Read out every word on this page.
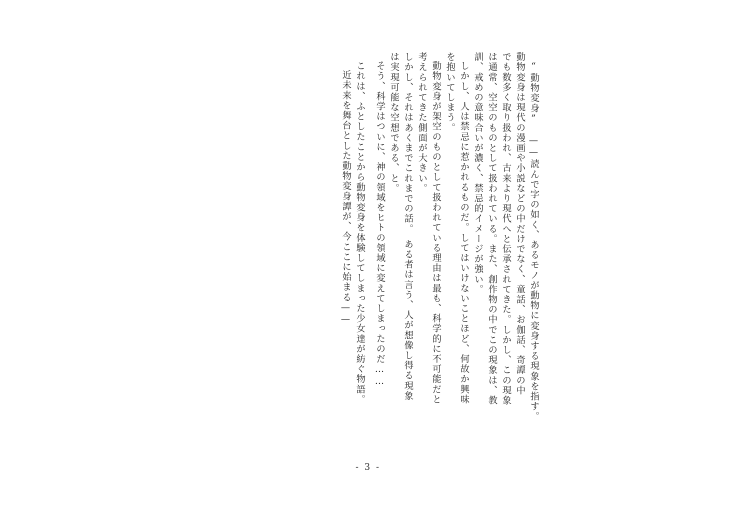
“動物変身”　——読んで字の如く、あるモノが動物に変身する現象を指す。
動物変身は現代の漫画や小説などの中だけでなく、童話、お伽話、奇譚の中
でも数多く取り扱われ、古来より現代へと伝承されてきた。しかし、この現象
は通常、空空のものとして扱われている。また、創作物の中でこの現象は、教
訓、戒めの意味合いが濃く、禁忌的イメージが強い。
しかし、人は禁忌に惹かれるものだ。してはいけないことほど、何故か興味
を抱いてしまう。
動物変身が架空のものとして扱われている理由は最も、科学的に不可能だと
考えられてきた側面が大きい。
しかし、それはあくまでこれまでの話。　ある者は言う、人が想像し得る現象
は実現可能な空想である、と。
そう、科学はついに、神の領域をヒトの領域に変えてしまったのだ……
これは、ふとしたことから動物変身を体験してしまった少女達が紡ぐ物語。
近未来を舞台とした動物変身譚が、今ここに始まる——
- 3 -
